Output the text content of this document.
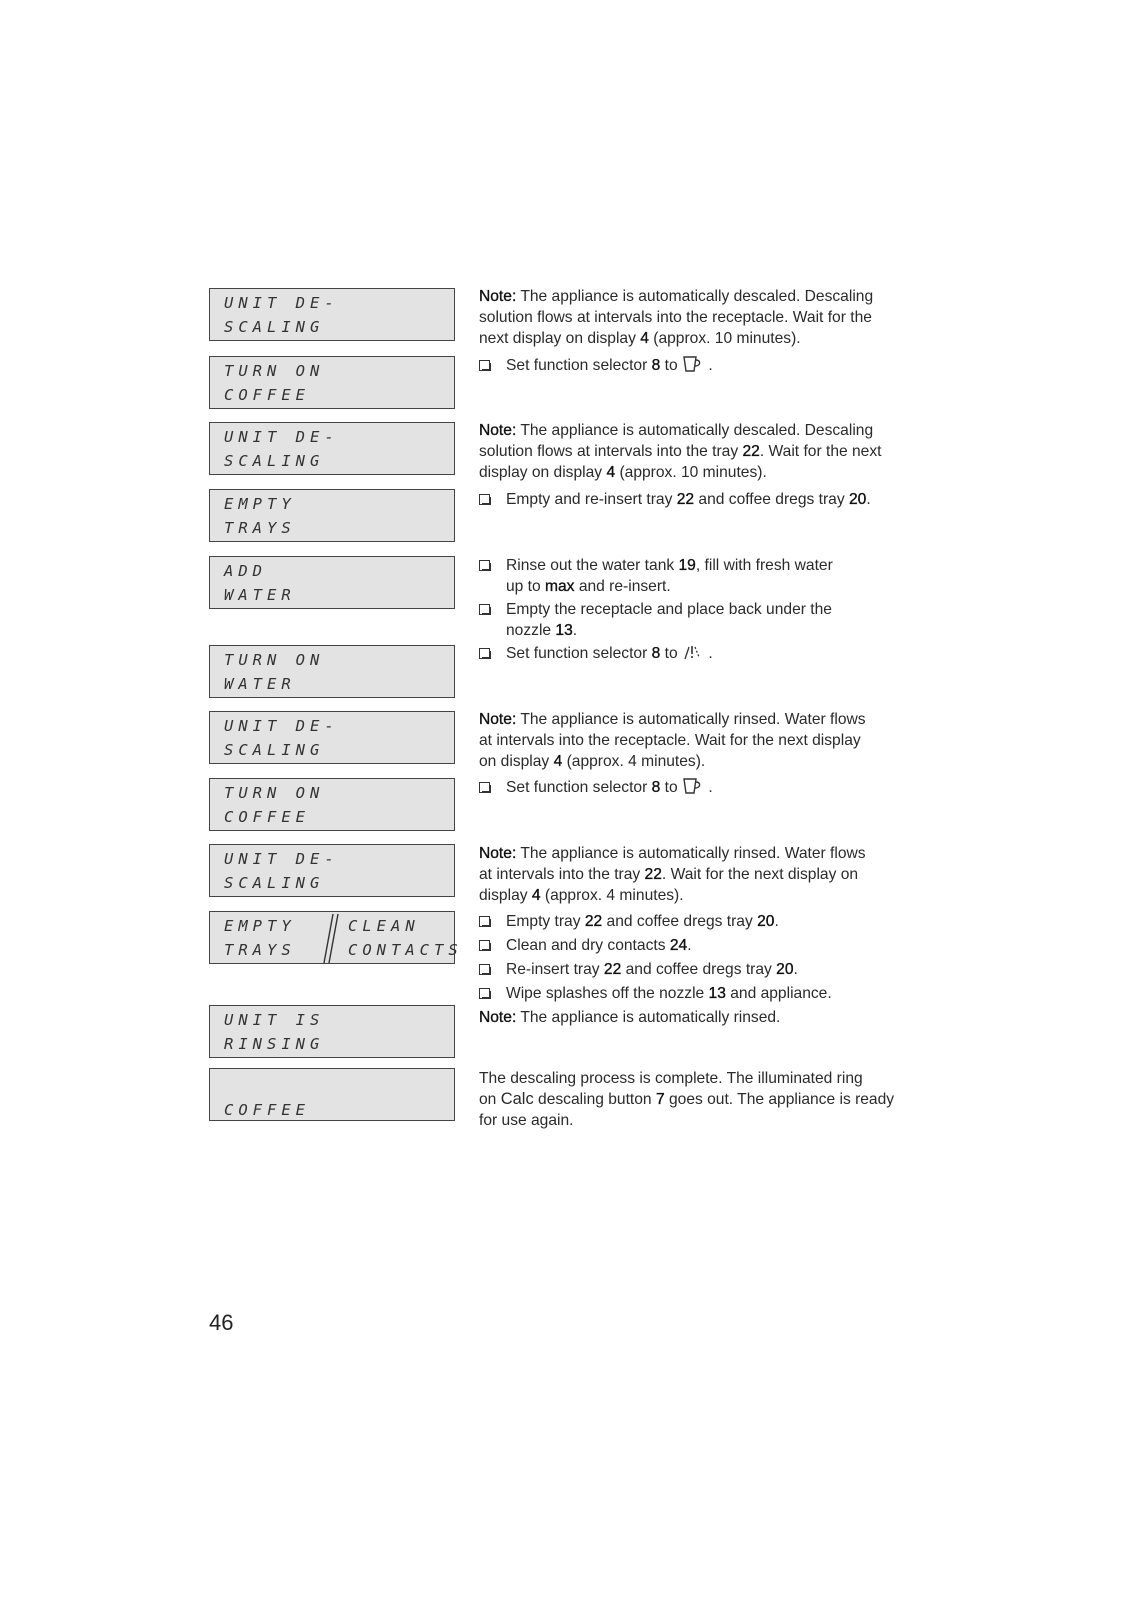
UNIT DE-
SCALING
TURN ON
COFFEE
UNIT DE-
SCALING
EMPTY
TRAYS
ADD
WATER
TURN ON
WATER
UNIT DE-
SCALING
TURN ON
COFFEE
UNIT DE-
SCALING
EMPTY
TRAYS
CLEAN
CONTACTS
UNIT IS
RINSING
COFFEE
Note: The appliance is automatically descaled. Descaling
solution flows at intervals into the receptacle. Wait for the
next display on display 4 (approx. 10 minutes).
Set function selector 8 to  .
Note: The appliance is automatically descaled. Descaling
solution flows at intervals into the tray 22. Wait for the next
display on display 4 (approx. 10 minutes).
Empty and re-insert tray 22 and coffee dregs tray 20.
Rinse out the water tank 19, fill with fresh water
up to max and re-insert.
Empty the receptacle and place back under the
nozzle 13.
Set function selector 8 to  .
Note: The appliance is automatically rinsed. Water flows
at intervals into the receptacle. Wait for the next display
on display 4 (approx. 4 minutes).
Set function selector 8 to  .
Note: The appliance is automatically rinsed. Water flows
at intervals into the tray 22. Wait for the next display on
display 4 (approx. 4 minutes).
Empty tray 22 and coffee dregs tray 20.
Clean and dry contacts 24.
Re-insert tray 22 and coffee dregs tray 20.
Wipe splashes off the nozzle 13 and appliance.
Note: The appliance is automatically rinsed.
The descaling process is complete. The illuminated ring
on Calc descaling button 7 goes out. The appliance is ready
for use again.
46
